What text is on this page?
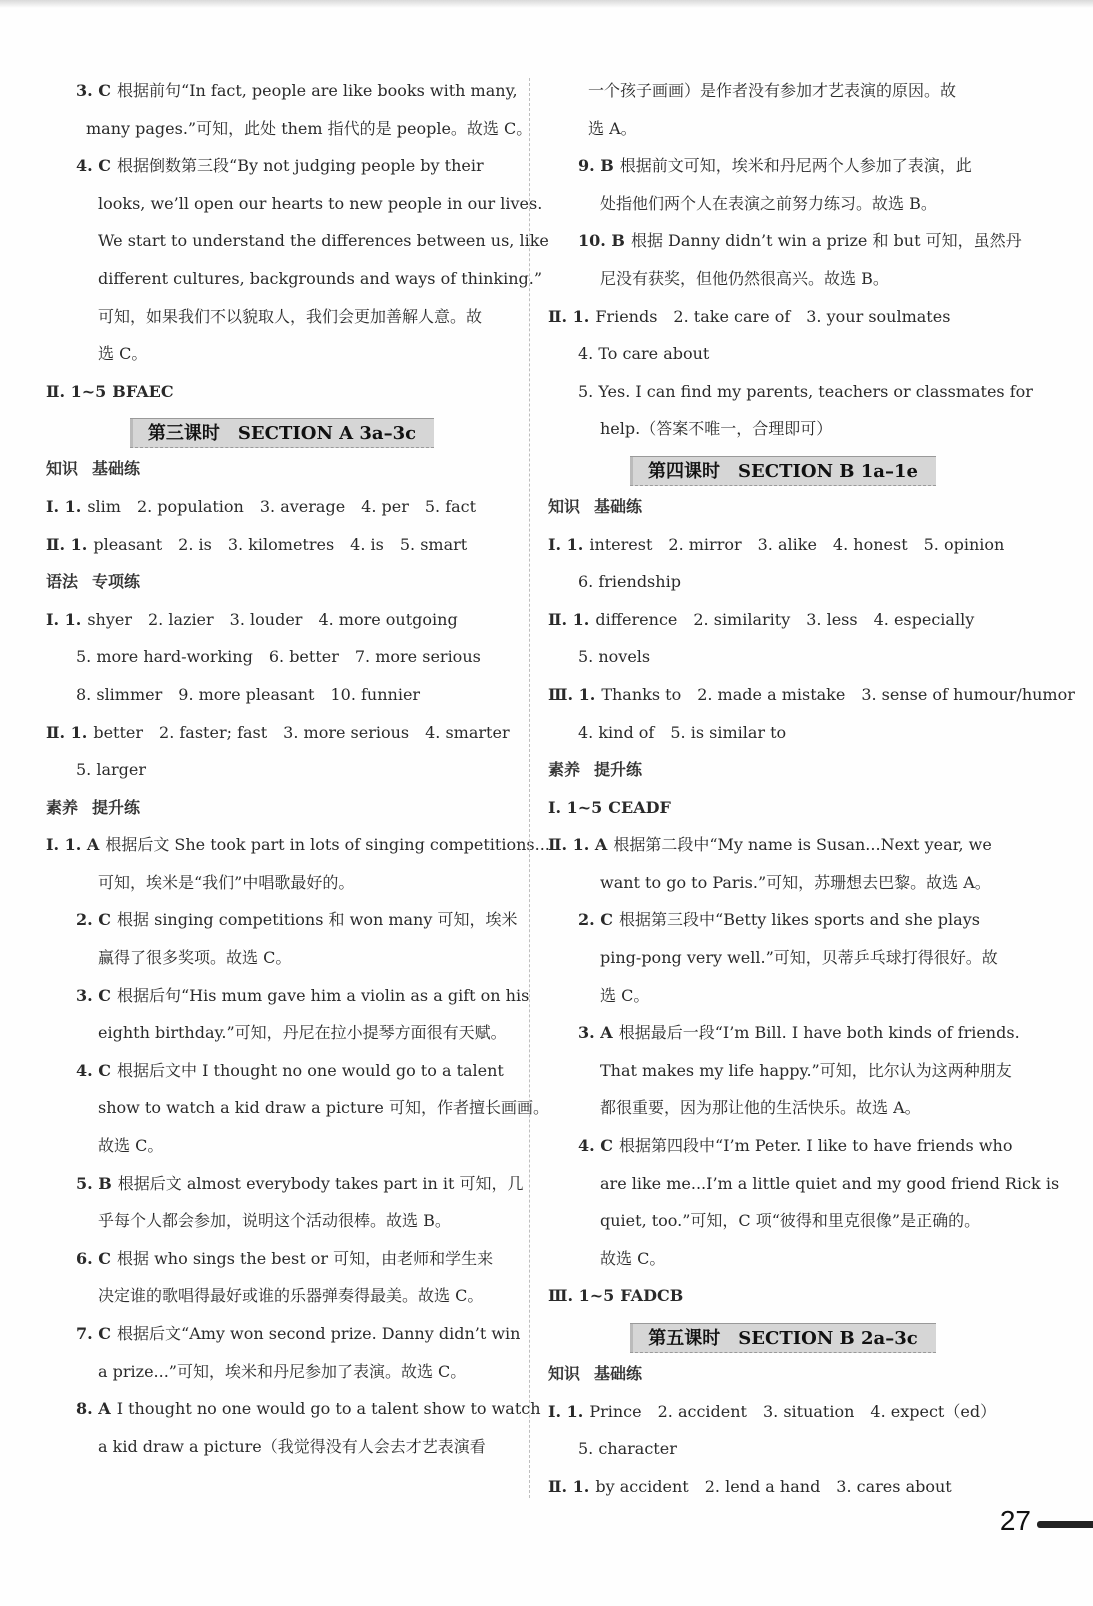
3. C 根据前句“In fact, people are like books with many,
many pages.”可知，此处 them 指代的是 people。故选 C。
4. C 根据倒数第三段“By not judging people by their
looks, we’ll open our hearts to new people in our lives.
We start to understand the differences between us, like
different cultures, backgrounds and ways of thinking.”
可知，如果我们不以貌取人，我们会更加善解人意。故
选 C。
Ⅱ. 1~5 BFAEC
第三课时　SECTION A 3a–3c
知识 基础练
Ⅰ. 1. slim　2. population　3. average　4. per　5. fact
Ⅱ. 1. pleasant　2. is　3. kilometres　4. is　5. smart
语法 专项练
Ⅰ. 1. shyer　2. lazier　3. louder　4. more outgoing
5. more hard-working　6. better　7. more serious
8. slimmer　9. more pleasant　10. funnier
Ⅱ. 1. better　2. faster; fast　3. more serious　4. smarter
5. larger
素养 提升练
Ⅰ. 1. A 根据后文 She took part in lots of singing competitions...
可知，埃米是“我们”中唱歌最好的。
2. C 根据 singing competitions 和 won many 可知，埃米
赢得了很多奖项。故选 C。
3. C 根据后句“His mum gave him a violin as a gift on his
eighth birthday.”可知，丹尼在拉小提琴方面很有天赋。
4. C 根据后文中 I thought no one would go to a talent
show to watch a kid draw a picture 可知，作者擅长画画。
故选 C。
5. B 根据后文 almost everybody takes part in it 可知，几
乎每个人都会参加，说明这个活动很棒。故选 B。
6. C 根据 who sings the best or 可知，由老师和学生来
决定谁的歌唱得最好或谁的乐器弹奏得最美。故选 C。
7. C 根据后文“Amy won second prize. Danny didn’t win
a prize...”可知，埃米和丹尼参加了表演。故选 C。
8. A I thought no one would go to a talent show to watch
a kid draw a picture（我觉得没有人会去才艺表演看
一个孩子画画）是作者没有参加才艺表演的原因。故
选 A。
9. B 根据前文可知，埃米和丹尼两个人参加了表演，此
处指他们两个人在表演之前努力练习。故选 B。
10. B 根据 Danny didn’t win a prize 和 but 可知，虽然丹
尼没有获奖，但他仍然很高兴。故选 B。
Ⅱ. 1. Friends　2. take care of　3. your soulmates
4. To care about
5. Yes. I can find my parents, teachers or classmates for
help.（答案不唯一，合理即可）
第四课时　SECTION B 1a–1e
知识 基础练
Ⅰ. 1. interest　2. mirror　3. alike　4. honest　5. opinion
6. friendship
Ⅱ. 1. difference　2. similarity　3. less　4. especially
5. novels
Ⅲ. 1. Thanks to　2. made a mistake　3. sense of humour/humor
4. kind of　5. is similar to
素养 提升练
Ⅰ. 1~5 CEADF
Ⅱ. 1. A 根据第二段中“My name is Susan...Next year, we
want to go to Paris.”可知，苏珊想去巴黎。故选 A。
2. C 根据第三段中“Betty likes sports and she plays
ping-pong very well.”可知，贝蒂乒乓球打得很好。故
选 C。
3. A 根据最后一段“I’m Bill. I have both kinds of friends.
That makes my life happy.”可知，比尔认为这两种朋友
都很重要，因为那让他的生活快乐。故选 A。
4. C 根据第四段中“I’m Peter. I like to have friends who
are like me...I’m a little quiet and my good friend Rick is
quiet, too.”可知，C 项“彼得和里克很像”是正确的。
故选 C。
Ⅲ. 1~5 FADCB
第五课时　SECTION B 2a–3c
知识 基础练
Ⅰ. 1. Prince　2. accident　3. situation　4. expect（ed）
5. character
Ⅱ. 1. by accident　2. lend a hand　3. cares about
27
